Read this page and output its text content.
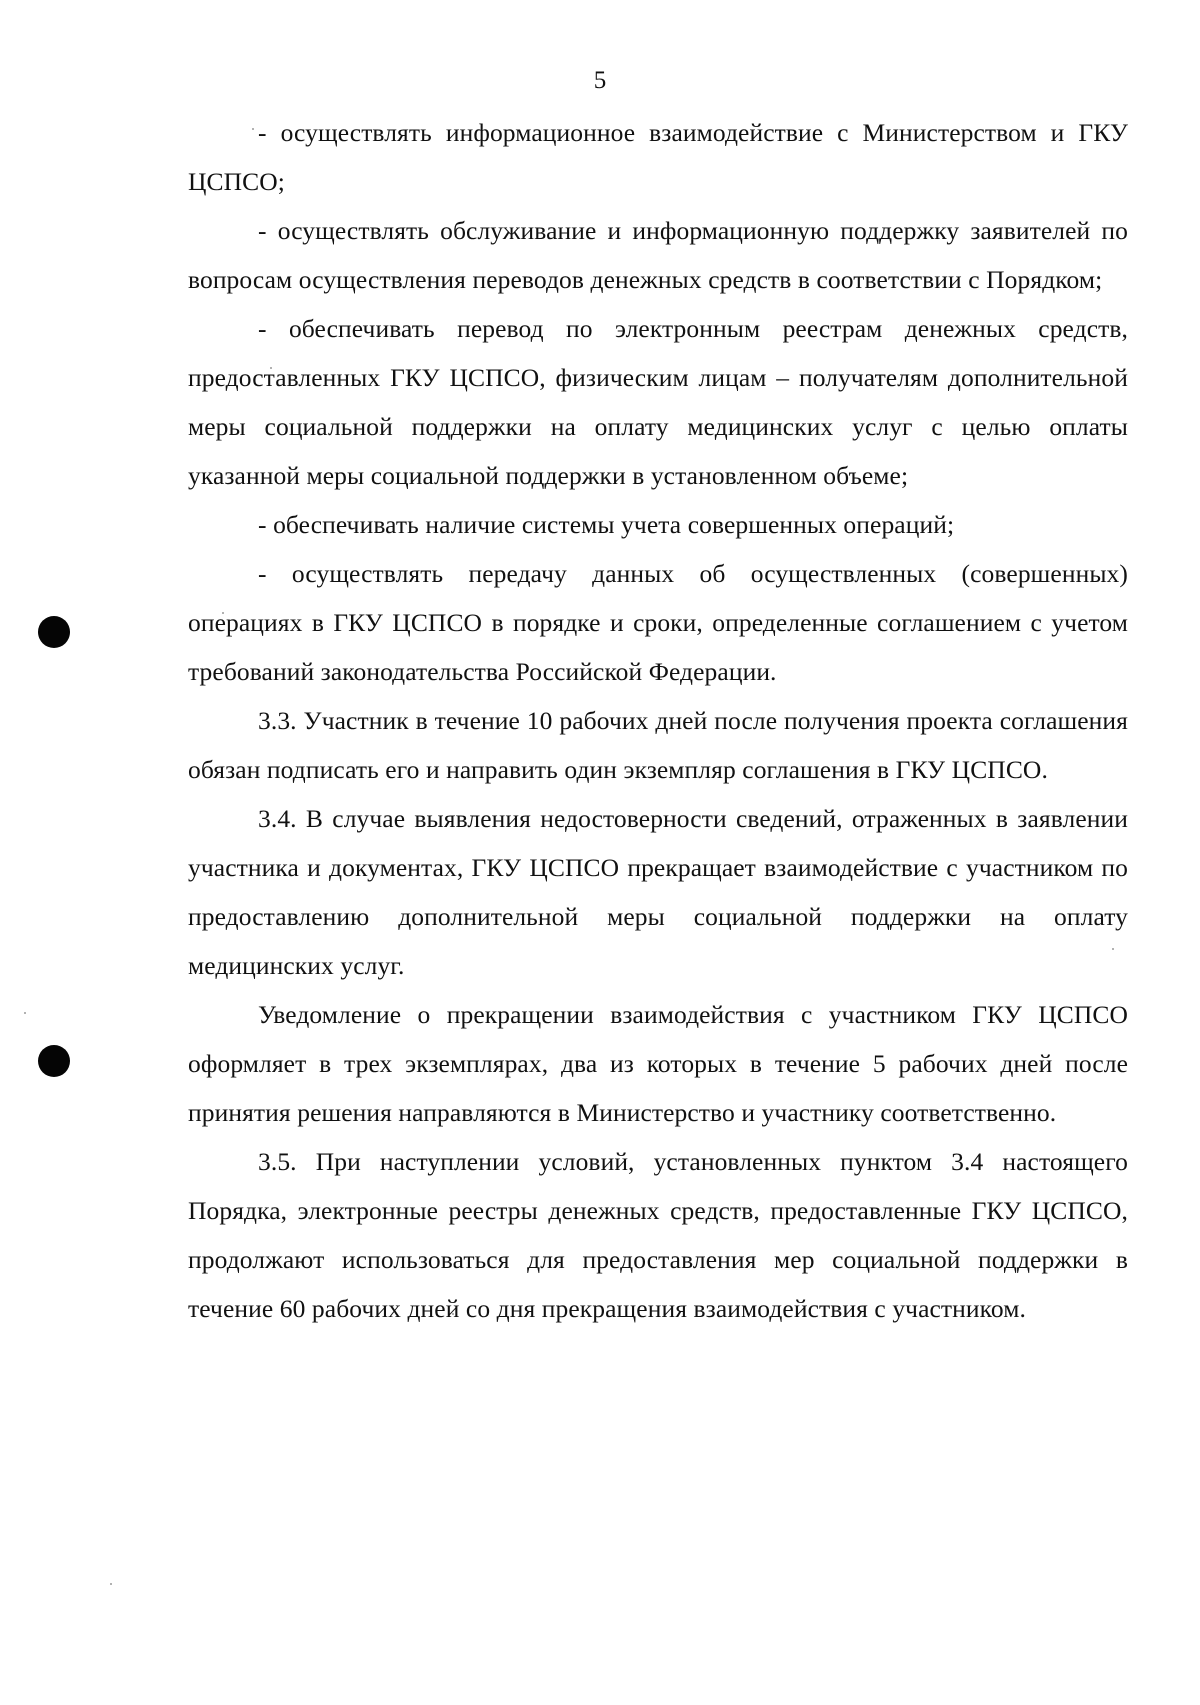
5

- осуществлять информационное взаимодействие с Министерством и ГКУ ЦСПСО;

- осуществлять обслуживание и информационную поддержку заявителей по вопросам осуществления переводов денежных средств в соответствии с Порядком;

- обеспечивать перевод по электронным реестрам денежных средств, предоставленных ГКУ ЦСПСО, физическим лицам – получателям дополнительной меры социальной поддержки на оплату медицинских услуг с целью оплаты указанной меры социальной поддержки в установленном объеме;

- обеспечивать наличие системы учета совершенных операций;

- осуществлять передачу данных об осуществленных (совершенных) операциях в ГКУ ЦСПСО в порядке и сроки, определенные соглашением с учетом требований законодательства Российской Федерации.

3.3. Участник в течение 10 рабочих дней после получения проекта соглашения обязан подписать его и направить один экземпляр соглашения в ГКУ ЦСПСО.

3.4. В случае выявления недостоверности сведений, отраженных в заявлении участника и документах, ГКУ ЦСПСО прекращает взаимодействие с участником по предоставлению дополнительной меры социальной поддержки на оплату медицинских услуг.

Уведомление о прекращении взаимодействия с участником ГКУ ЦСПСО оформляет в трех экземплярах, два из которых в течение 5 рабочих дней после принятия решения направляются в Министерство и участнику соответственно.

3.5. При наступлении условий, установленных пунктом 3.4 настоящего Порядка, электронные реестры денежных средств, предоставленные ГКУ ЦСПСО, продолжают использоваться для предоставления мер социальной поддержки в течение 60 рабочих дней со дня прекращения взаимодействия с участником.
